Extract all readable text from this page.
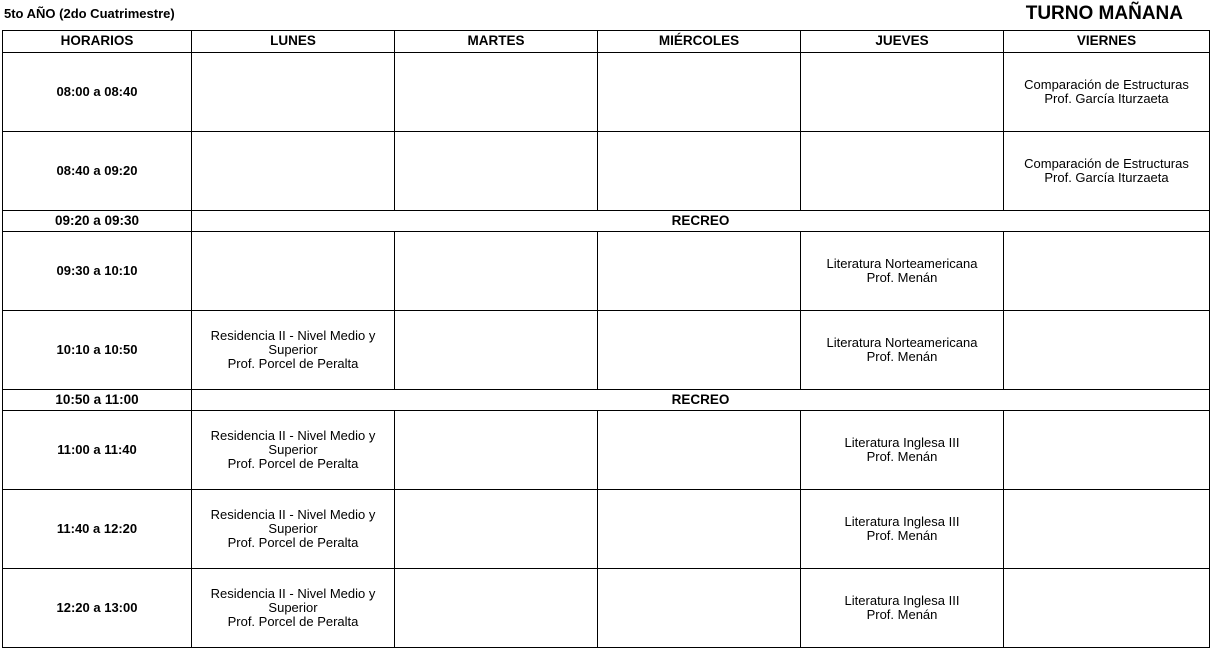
5to AÑO (2do Cuatrimestre)	TURNO MAÑANA
HORARIOS	LUNES	MARTES	MIÉRCOLES	JUEVES	VIERNES
08:00 a 08:40					Comparación de Estructuras
Prof. García Iturzaeta

08:40 a 09:20					Comparación de Estructuras
Prof. García Iturzaeta

09:20 a 09:30	RECREO				
09:30 a 10:10				Literatura Norteamericana
Prof. Menán	

10:10 a 10:50	Residencia II - Nivel Medio y Superior
Prof. Porcel de Peralta			Literatura Norteamericana
Prof. Menán	

10:50 a 11:00	RECREO				
11:00 a 11:40	Residencia II - Nivel Medio y Superior
Prof. Porcel de Peralta			Literatura Inglesa III
Prof. Menán	

11:40 a 12:20	Residencia II - Nivel Medio y Superior
Prof. Porcel de Peralta			Literatura Inglesa III
Prof. Menán	

12:20 a 13:00	Residencia II - Nivel Medio y Superior
Prof. Porcel de Peralta			Literatura Inglesa III
Prof. Menán	
